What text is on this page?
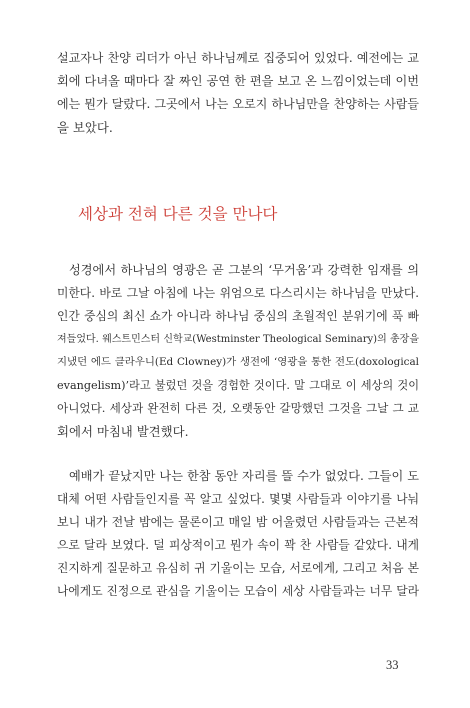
설교자나 찬양 리더가 아닌 하나님께로 집중되어 있었다. 예전에는 교
회에 다녀올 때마다 잘 짜인 공연 한 편을 보고 온 느낌이었는데 이번
에는 뭔가 달랐다. 그곳에서 나는 오로지 하나님만을 찬양하는 사람들
을 보았다.
세상과 전혀 다른 것을 만나다
성경에서 하나님의 영광은 곧 그분의 ‘무거움’과 강력한 임재를 의
미한다. 바로 그날 아침에 나는 위엄으로 다스리시는 하나님을 만났다.
인간 중심의 최신 쇼가 아니라 하나님 중심의 초월적인 분위기에 푹 빠
져들었다. 웨스트민스터 신학교(Westminster Theological Seminary)의 총장을
지냈던 에드 클라우니(Ed Clowney)가 생전에 ‘영광을 통한 전도(doxological
evangelism)’라고 불렀던 것을 경험한 것이다. 말 그대로 이 세상의 것이
아니었다. 세상과 완전히 다른 것, 오랫동안 갈망했던 그것을 그날 그 교
회에서 마침내 발견했다.
예배가 끝났지만 나는 한참 동안 자리를 뜰 수가 없었다. 그들이 도
대체 어떤 사람들인지를 꼭 알고 싶었다. 몇몇 사람들과 이야기를 나눠
보니 내가 전날 밤에는 물론이고 매일 밤 어울렸던 사람들과는 근본적
으로 달라 보였다. 덜 피상적이고 뭔가 속이 꽉 찬 사람들 같았다. 내게
진지하게 질문하고 유심히 귀 기울이는 모습, 서로에게, 그리고 처음 본
나에게도 진정으로 관심을 기울이는 모습이 세상 사람들과는 너무 달라
33
